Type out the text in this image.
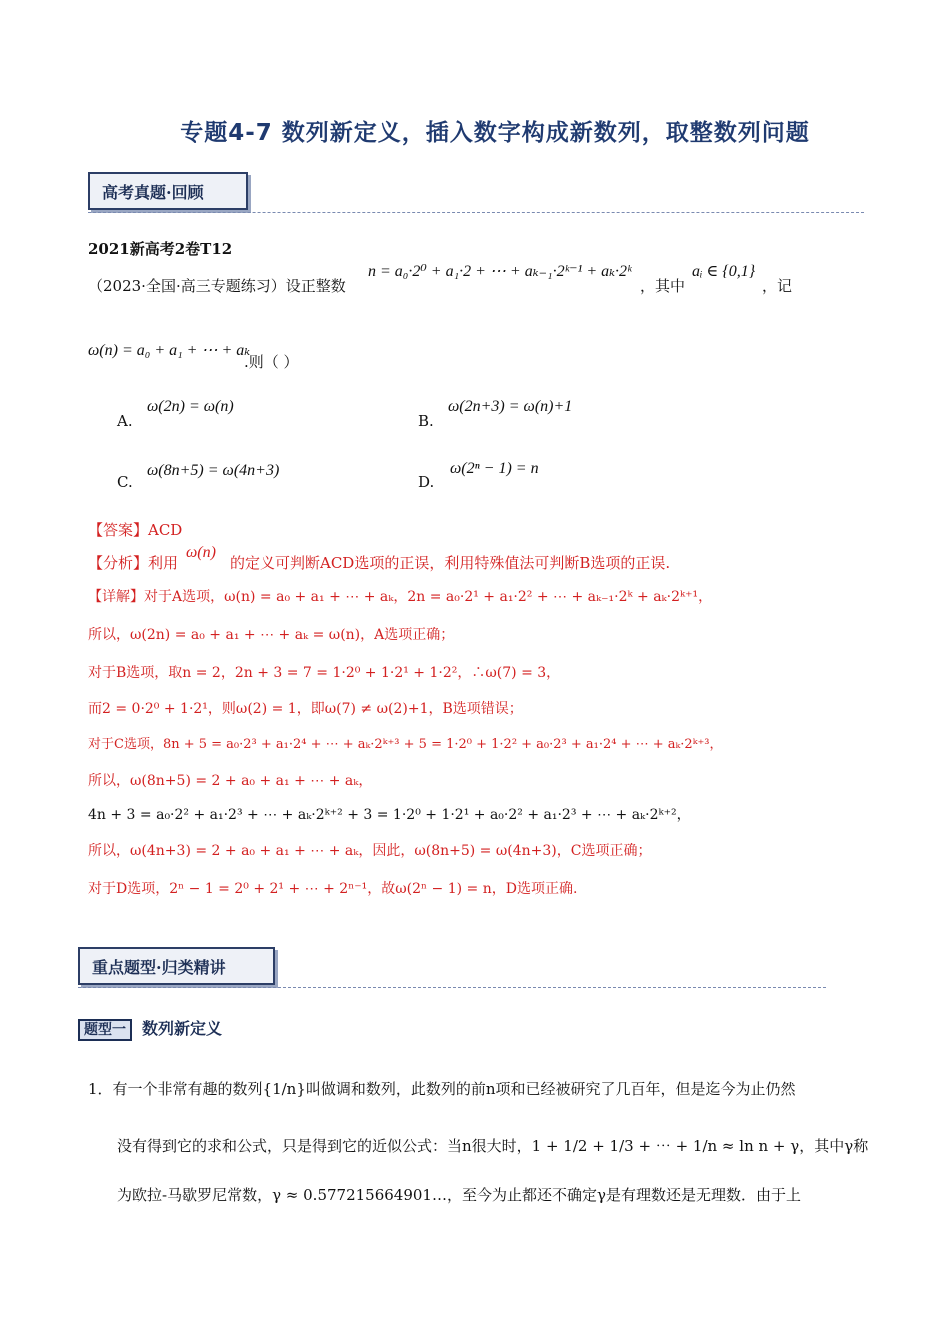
专题4-7 数列新定义，插入数字构成新数列，取整数列问题
高考真题·回顾
2021新高考2卷T12
（2023·全国·高三专题练习）设正整数
n = a₀·2⁰ + a₁·2 + ⋯ + aₖ₋₁·2ᵏ⁻¹ + aₖ·2ᵏ
，其中
aᵢ ∈ {0,1}
，记
ω(n) = a₀ + a₁ + ⋯ + aₖ
.则（ ）
A.
ω(2n) = ω(n)
B.
ω(2n+3) = ω(n)+1
C.
ω(8n+5) = ω(4n+3)
D.
ω(2ⁿ − 1) = n
【答案】ACD
【分析】利用
ω(n)
的定义可判断ACD选项的正误，利用特殊值法可判断B选项的正误.
【详解】对于A选项，ω(n) = a₀ + a₁ + ⋯ + aₖ，2n = a₀·2¹ + a₁·2² + ⋯ + aₖ₋₁·2ᵏ + aₖ·2ᵏ⁺¹，
所以，ω(2n) = a₀ + a₁ + ⋯ + aₖ = ω(n)，A选项正确；
对于B选项，取n = 2，2n + 3 = 7 = 1·2⁰ + 1·2¹ + 1·2²，∴ω(7) = 3，
而2 = 0·2⁰ + 1·2¹，则ω(2) = 1，即ω(7) ≠ ω(2)+1，B选项错误；
对于C选项，8n + 5 = a₀·2³ + a₁·2⁴ + ⋯ + aₖ·2ᵏ⁺³ + 5 = 1·2⁰ + 1·2² + a₀·2³ + a₁·2⁴ + ⋯ + aₖ·2ᵏ⁺³，
所以，ω(8n+5) = 2 + a₀ + a₁ + ⋯ + aₖ，
4n + 3 = a₀·2² + a₁·2³ + ⋯ + aₖ·2ᵏ⁺² + 3 = 1·2⁰ + 1·2¹ + a₀·2² + a₁·2³ + ⋯ + aₖ·2ᵏ⁺²，
所以，ω(4n+3) = 2 + a₀ + a₁ + ⋯ + aₖ，因此，ω(8n+5) = ω(4n+3)，C选项正确；
对于D选项，2ⁿ − 1 = 2⁰ + 2¹ + ⋯ + 2ⁿ⁻¹，故ω(2ⁿ − 1) = n，D选项正确.
重点题型·归类精讲
题型一 数列新定义
1．有一个非常有趣的数列{1/n}叫做调和数列，此数列的前n项和已经被研究了几百年，但是迄今为止仍然
没有得到它的求和公式，只是得到它的近似公式：当n很大时，1 + 1/2 + 1/3 + ⋯ + 1/n ≈ ln n + γ，其中γ称
为欧拉-马歇罗尼常数，γ ≈ 0.577215664901…，至今为止都还不确定γ是有理数还是无理数．由于上
